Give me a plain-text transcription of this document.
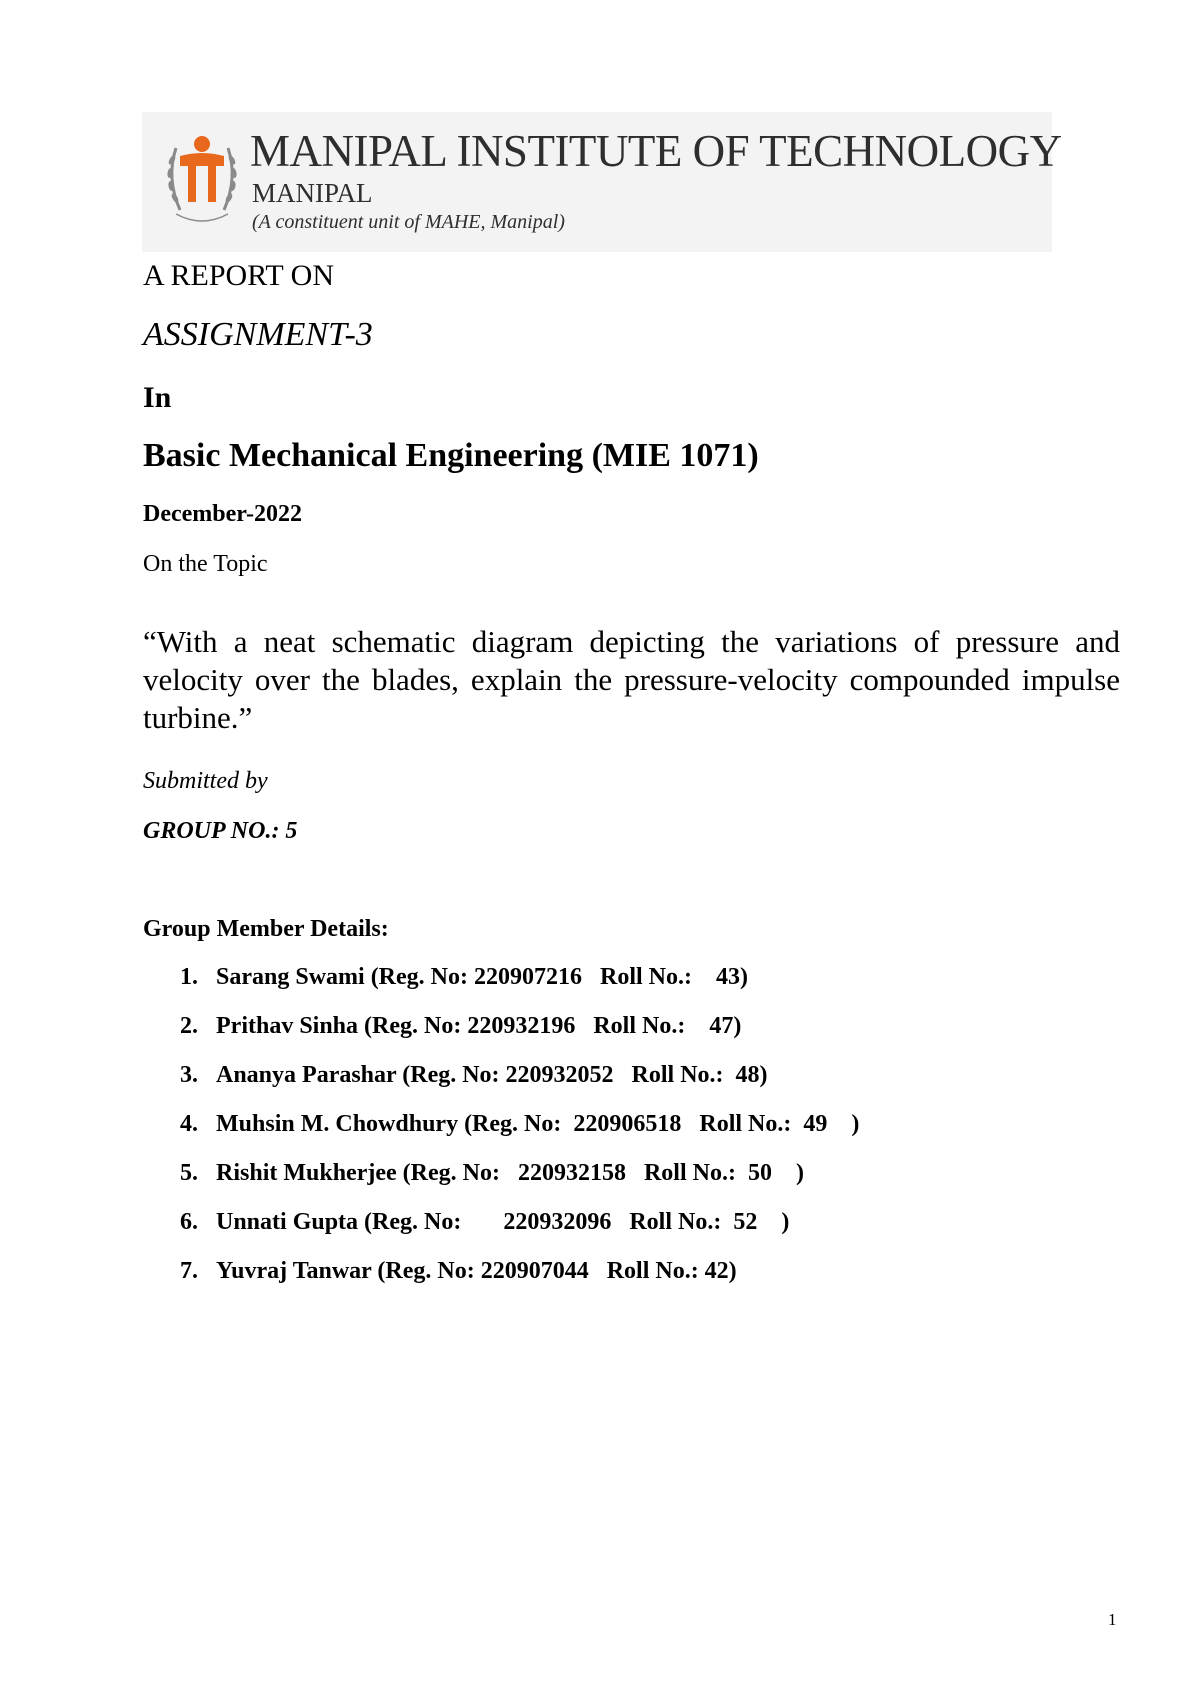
MANIPAL INSTITUTE OF TECHNOLOGY
MANIPAL
(A constituent unit of MAHE, Manipal)
A REPORT ON
ASSIGNMENT-3
In
Basic Mechanical Engineering (MIE 1071)
December-2022
On the Topic
“With a neat schematic diagram depicting the variations of pressure and velocity over the blades, explain the pressure-velocity compounded impulse turbine.”
Submitted by
GROUP NO.: 5
Group Member Details:
1. Sarang Swami (Reg. No: 220907216   Roll No.:    43)
2. Prithav Sinha (Reg. No: 220932196   Roll No.:    47)
3. Ananya Parashar (Reg. No: 220932052   Roll No.:  48)
4. Muhsin M. Chowdhury (Reg. No:  220906518   Roll No.:  49    )
5. Rishit Mukherjee (Reg. No:   220932158   Roll No.:  50    )
6. Unnati Gupta (Reg. No:       220932096   Roll No.:  52    )
7. Yuvraj Tanwar (Reg. No: 220907044   Roll No.: 42)
1
